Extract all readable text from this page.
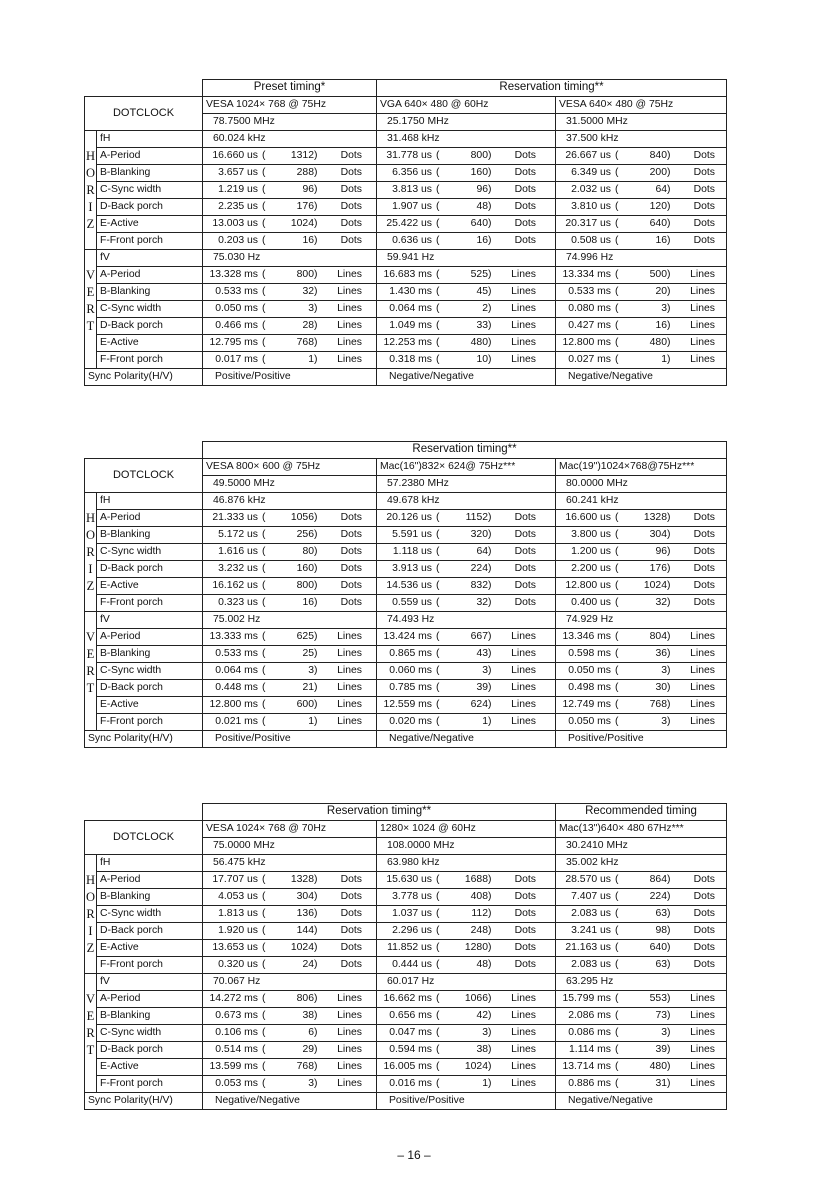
		Preset timing*	Reservation timing**	
DOTCLOCK		VESA 1024× 768 @ 75Hz	VGA 640× 480 @ 60Hz	VESA 640× 480 @ 75Hz
		78.7500 MHz	25.1750 MHz	31.5000 MHz
	fH	60.024 kHz	31.468 kHz	37.500 kHz
H	A-Period	16.660 us ( 1312) Dots	31.778 us ( 800) Dots	26.667 us ( 840) Dots

O	B-Blanking	3.657 us ( 288) Dots	6.356 us ( 160) Dots	6.349 us ( 200) Dots

R	C-Sync width	1.219 us ( 96) Dots	3.813 us ( 96) Dots	2.032 us ( 64) Dots

I	D-Back porch	2.235 us ( 176) Dots	1.907 us ( 48) Dots	3.810 us ( 120) Dots

Z	E-Active	13.003 us ( 1024) Dots	25.422 us ( 640) Dots	20.317 us ( 640) Dots

	F-Front porch	0.203 us ( 16) Dots	0.636 us ( 16) Dots	0.508 us ( 16) Dots

	fV	75.030 Hz	59.941 Hz	74.996 Hz
V	A-Period	13.328 ms ( 800) Lines	16.683 ms ( 525) Lines	13.334 ms ( 500) Lines

E	B-Blanking	0.533 ms ( 32) Lines	1.430 ms ( 45) Lines	0.533 ms ( 20) Lines

R	C-Sync width	0.050 ms ( 3) Lines	0.064 ms ( 2) Lines	0.080 ms ( 3) Lines

T	D-Back porch	0.466 ms ( 28) Lines	1.049 ms ( 33) Lines	0.427 ms ( 16) Lines

	E-Active	12.795 ms ( 768) Lines	12.253 ms ( 480) Lines	12.800 ms ( 480) Lines

	F-Front porch	0.017 ms ( 1) Lines	0.318 ms ( 10) Lines	0.027 ms ( 1) Lines

Sync Polarity(H/V)		Positive/Positive	Negative/Negative	Negative/Negative
		Reservation timing**		
DOTCLOCK		VESA 800× 600 @ 75Hz	Mac(16")832× 624@ 75Hz***	Mac(19")1024×768@75Hz***
		49.5000 MHz	57.2380 MHz	80.0000 MHz
	fH	46.876 kHz	49.678 kHz	60.241 kHz
H	A-Period	21.333 us ( 1056) Dots	20.126 us ( 1152) Dots	16.600 us ( 1328) Dots

O	B-Blanking	5.172 us ( 256) Dots	5.591 us ( 320) Dots	3.800 us ( 304) Dots

R	C-Sync width	1.616 us ( 80) Dots	1.118 us ( 64) Dots	1.200 us ( 96) Dots

I	D-Back porch	3.232 us ( 160) Dots	3.913 us ( 224) Dots	2.200 us ( 176) Dots

Z	E-Active	16.162 us ( 800) Dots	14.536 us ( 832) Dots	12.800 us ( 1024) Dots

	F-Front porch	0.323 us ( 16) Dots	0.559 us ( 32) Dots	0.400 us ( 32) Dots

	fV	75.002 Hz	74.493 Hz	74.929 Hz
V	A-Period	13.333 ms ( 625) Lines	13.424 ms ( 667) Lines	13.346 ms ( 804) Lines

E	B-Blanking	0.533 ms ( 25) Lines	0.865 ms ( 43) Lines	0.598 ms ( 36) Lines

R	C-Sync width	0.064 ms ( 3) Lines	0.060 ms ( 3) Lines	0.050 ms ( 3) Lines

T	D-Back porch	0.448 ms ( 21) Lines	0.785 ms ( 39) Lines	0.498 ms ( 30) Lines

	E-Active	12.800 ms ( 600) Lines	12.559 ms ( 624) Lines	12.749 ms ( 768) Lines

	F-Front porch	0.021 ms ( 1) Lines	0.020 ms ( 1) Lines	0.050 ms ( 3) Lines

Sync Polarity(H/V)		Positive/Positive	Negative/Negative	Positive/Positive
		Reservation timing**		Recommended timing
DOTCLOCK		VESA 1024× 768 @ 70Hz	1280× 1024 @ 60Hz	Mac(13")640× 480 67Hz***
		75.0000 MHz	108.0000 MHz	30.2410 MHz
	fH	56.475 kHz	63.980 kHz	35.002 kHz
H	A-Period	17.707 us ( 1328) Dots	15.630 us ( 1688) Dots	28.570 us ( 864) Dots

O	B-Blanking	4.053 us ( 304) Dots	3.778 us ( 408) Dots	7.407 us ( 224) Dots

R	C-Sync width	1.813 us ( 136) Dots	1.037 us ( 112) Dots	2.083 us ( 63) Dots

I	D-Back porch	1.920 us ( 144) Dots	2.296 us ( 248) Dots	3.241 us ( 98) Dots

Z	E-Active	13.653 us ( 1024) Dots	11.852 us ( 1280) Dots	21.163 us ( 640) Dots

	F-Front porch	0.320 us ( 24) Dots	0.444 us ( 48) Dots	2.083 us ( 63) Dots

	fV	70.067 Hz	60.017 Hz	63.295 Hz
V	A-Period	14.272 ms ( 806) Lines	16.662 ms ( 1066) Lines	15.799 ms ( 553) Lines

E	B-Blanking	0.673 ms ( 38) Lines	0.656 ms ( 42) Lines	2.086 ms ( 73) Lines

R	C-Sync width	0.106 ms ( 6) Lines	0.047 ms ( 3) Lines	0.086 ms ( 3) Lines

T	D-Back porch	0.514 ms ( 29) Lines	0.594 ms ( 38) Lines	1.114 ms ( 39) Lines

	E-Active	13.599 ms ( 768) Lines	16.005 ms ( 1024) Lines	13.714 ms ( 480) Lines

	F-Front porch	0.053 ms ( 3) Lines	0.016 ms ( 1) Lines	0.886 ms ( 31) Lines

Sync Polarity(H/V)		Negative/Negative	Positive/Positive	Negative/Negative
– 16 –
